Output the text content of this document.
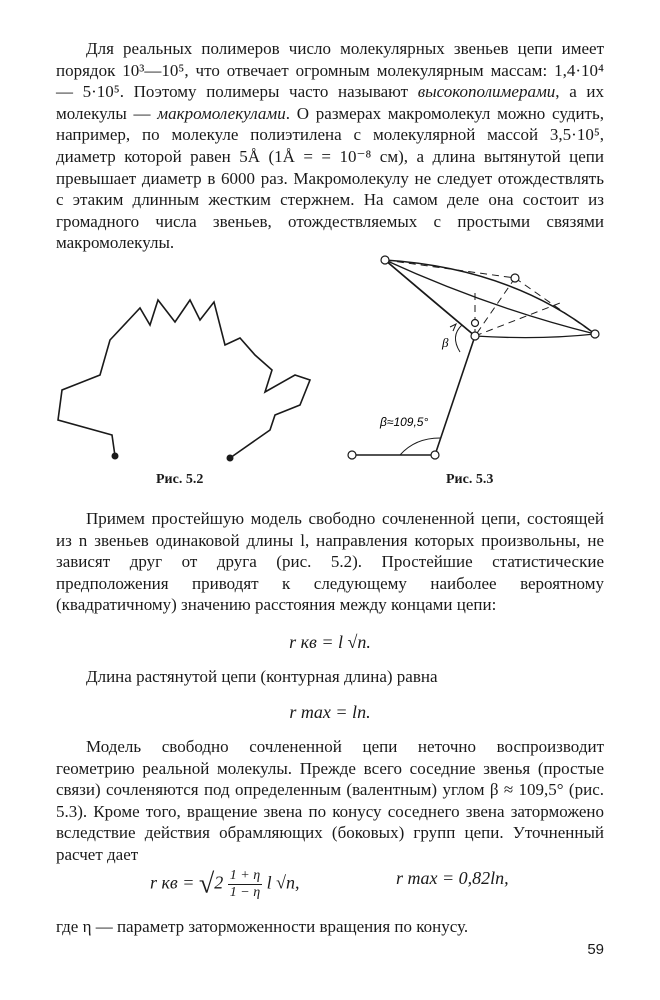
Для реальных полимеров число молекулярных звеньев цепи имеет порядок 10³—10⁵, что отвечает огромным молекулярным массам: 1,4·10⁴ — 5·10⁵. Поэтому полимеры часто называют высокополимерами, а их молекулы — макромолекулами. О размерах макромолекул можно судить, например, по молекуле полиэтилена с молекулярной массой 3,5·10⁵, диаметр которой равен 5Å (1Å = = 10⁻⁸ см), а длина вытянутой цепи превышает диаметр в 6000 раз. Макромолекулу не следует отождествлять с этаким длинным жестким стержнем. На самом деле она состоит из громадного числа звеньев, отождествляемых с простыми связями макромолекулы.

Рис. 5.2
β
β≈109,5°
Рис. 5.3

Примем простейшую модель свободно сочлененной цепи, состоящей из n звеньев одинаковой длины l, направления которых произвольны, не зависят друг от друга (рис. 5.2). Простейшие статистические предположения приводят к следующему наиболее вероятному (квадратичному) значению расстояния между концами цепи:

r кв = l √n.

Длина растянутой цепи (контурная длина) равна

r max = ln.

Модель свободно сочлененной цепи неточно воспроизводит геометрию реальной молекулы. Прежде всего соседние звенья (простые связи) сочленяются под определенным (валентным) углом β ≈ 109,5° (рис. 5.3). Кроме того, вращение звена по конусу соседнего звена заторможено вследствие действия обрамляющих (боковых) групп цепи. Уточненный расчет дает

r кв = $√2 \frac{1 + \eta}{1 - \eta}$ l √n,	r max = 0,82ln,

где η — параметр заторможенности вращения по конусу.

59
